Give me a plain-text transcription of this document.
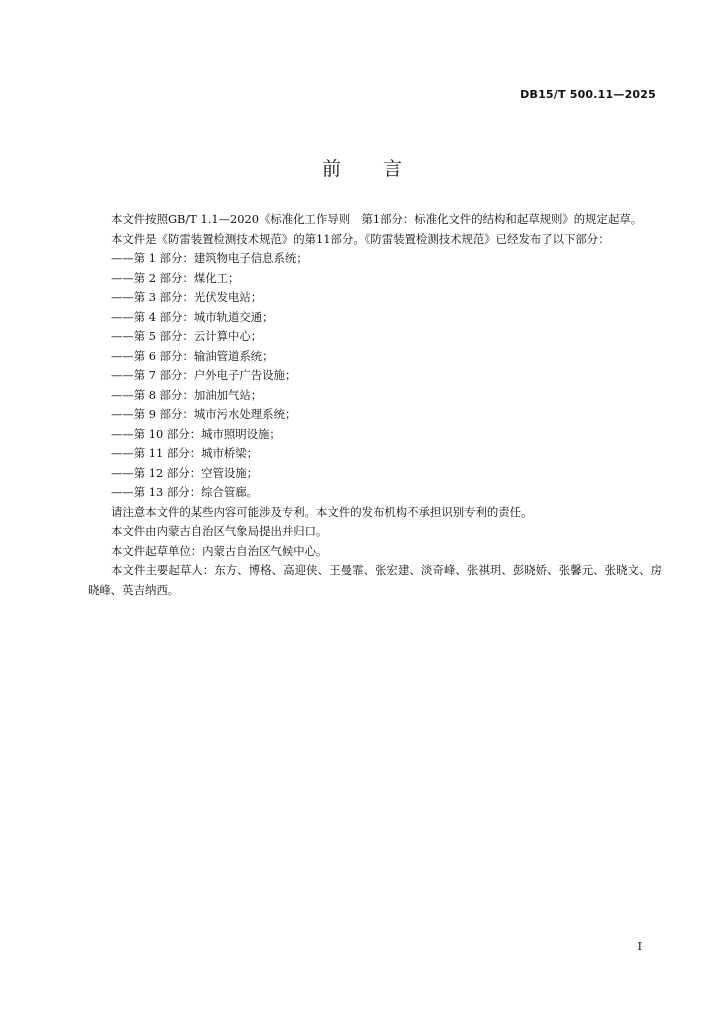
DB15/T 500.11—2025
前言

本文件按照GB/T 1.1—2020《标准化工作导则　第1部分：标准化文件的结构和起草规则》的规定起草。

本文件是《防雷装置检测技术规范》的第11部分。《防雷装置检测技术规范》已经发布了以下部分：

——第 1 部分：建筑物电子信息系统；
——第 2 部分：煤化工；
——第 3 部分：光伏发电站；
——第 4 部分：城市轨道交通；
——第 5 部分：云计算中心；
——第 6 部分：输油管道系统；
——第 7 部分：户外电子广告设施；
——第 8 部分：加油加气站；
——第 9 部分：城市污水处理系统；
——第 10 部分：城市照明设施；
——第 11 部分：城市桥梁；
——第 12 部分：空管设施；
——第 13 部分：综合管廊。

请注意本文件的某些内容可能涉及专利。本文件的发布机构不承担识别专利的责任。

本文件由内蒙古自治区气象局提出并归口。

本文件起草单位：内蒙古自治区气候中心。

本文件主要起草人：东方、博格、高迎侠、王曼霏、张宏建、淡奇峰、张祺玥、彭晓娇、张馨元、张晓文、房晓峰、英吉纳西。

I
